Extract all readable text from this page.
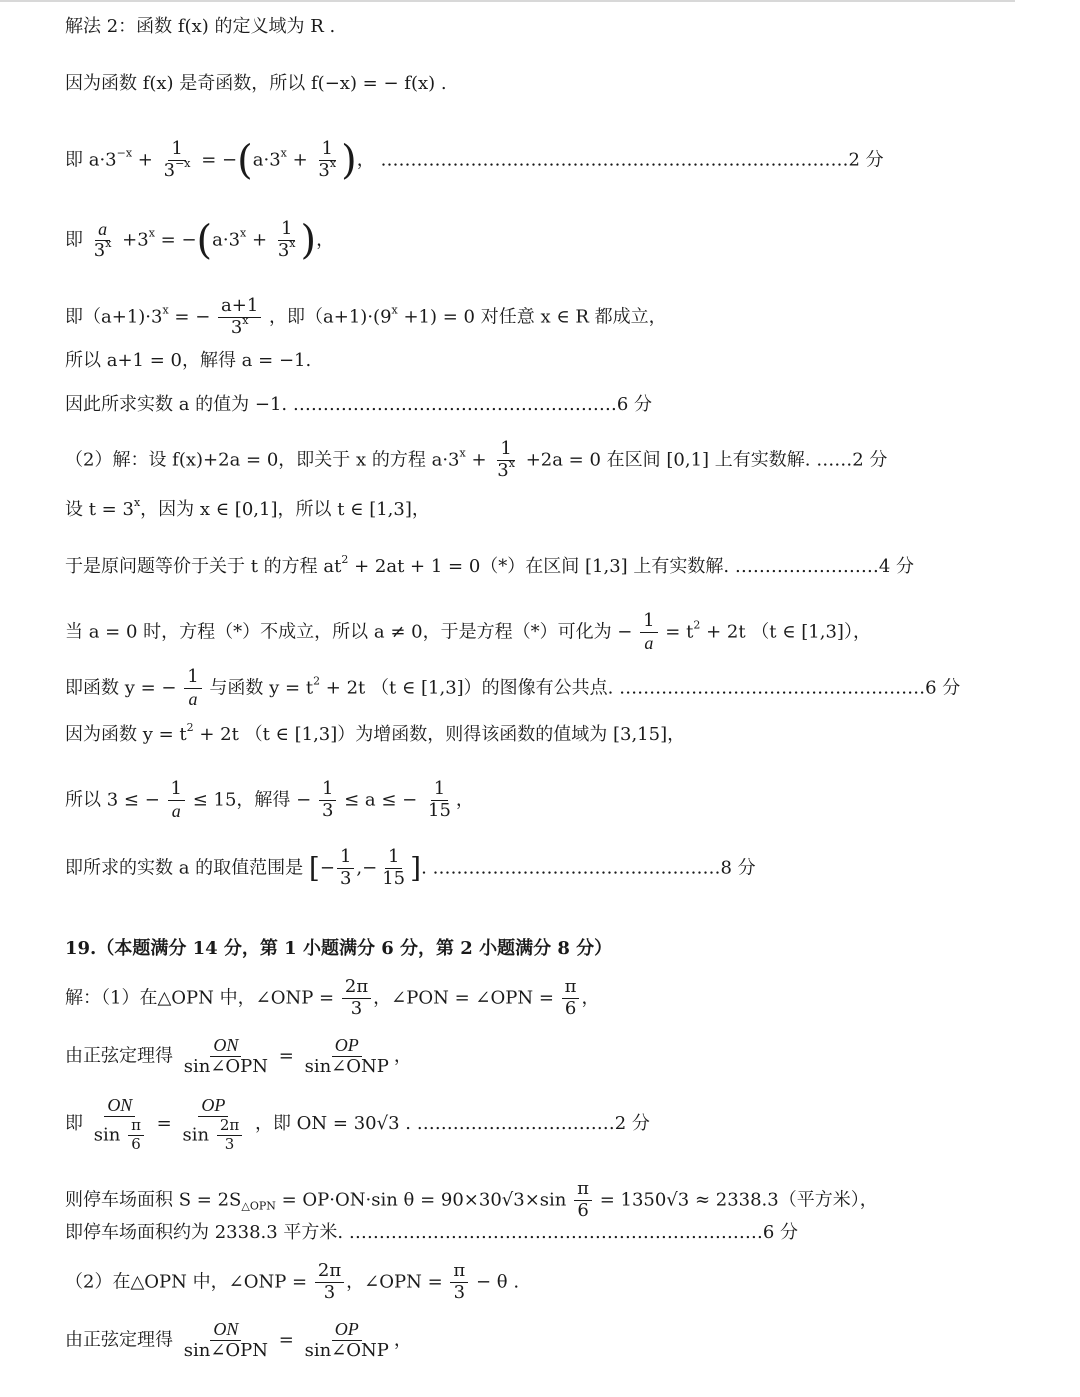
解法 2：函数 f(x) 的定义域为 R .
因为函数 f(x) 是奇函数，所以 f(−x) = − f(x) .
即 $a\cdot 3^{-x} + \frac{1}{3^{-x}} = -(a\cdot 3^x + \frac{1}{3^x}$ )， ……………………………………………………………………2 分
即 $\frac{a}{3^x} +3^x = -(a\cdot 3^x + \frac{1}{3^x}$ )，
即$(a+1)\cdot 3^x$ = − $\frac{a+1}{3^x}$ ，即$(a+1)\cdot(9^x +1) = 0$ 对任意 x ∈ R 都成立，
所以 a+1 = 0，解得 a = −1.
因此所求实数 a 的值为 −1. ………………………………………………6 分
（2）解：设 f(x)+2a = 0，即关于 x 的方程 $a\cdot 3^x + \frac{1}{3^x} +2a = 0$ 在区间 [0,1] 上有实数解. ……2 分
设 $t = 3^x$，因为 x ∈ [0,1]，所以 t ∈ [1,3]，
于是原问题等价于关于 t 的方程 $at^2 + 2at + 1 = 0(*)$在区间 [1,3] 上有实数解. ……………………4 分
当 a = 0 时，方程（*）不成立，所以 a ≠ 0，于是方程（*）可化为 − $\frac{1}{a} = t^2 + 2t$ （t ∈ [1,3]），
即函数 y = − $\frac{1}{a}$ 与函数 $y = t^2 + 2t$ （t ∈ [1,3]）的图像有公共点. ……………………………………………6 分
因为函数 $y = t^2 + 2t$ （t ∈ [1,3]）为增函数，则得该函数的值域为 [3,15]，
所以 3 ≤ − $\frac{1}{a} \le 15$，解得 − $\frac{1}{3} \le a$ ≤ − $\frac{1}{15}$ ，
即所求的实数 a 的取值范围是 [− $\frac{1}{3}$ ,− $\frac{1}{15}$ ]. …………………………………………8 分
19.（本题满分 14 分，第 1 小题满分 6 分，第 2 小题满分 8 分）
解：（1）在△OPN 中，∠ONP = $\frac{2\pi}{3}$ ，∠PON = ∠OPN = $\frac{\pi}{6}$ ，
由正弦定理得 $\frac{ON}{\text{sin∠OPN}} = \frac{OP}{\text{sin∠ONP}}$ ，
即 $\frac{ON}{\sin \frac{\pi}{6}} = \frac{OP}{\sin \frac{2\pi}{3}}$ ，即 ON = 30√3 . ……………………………2 分
则停车场面积 $S = 2S_{\triangle OPN} = OP\cdot ON\cdot\sin$ $\theta = 90\times 30√3\times\sin \frac{\pi}{6} = 1350√3 \approx 2338.3$（平方米），
即停车场面积约为 2338.3 平方米. ……………………………………………………………6 分
（2）在△OPN 中，∠ONP = $\frac{2\pi}{3}$ ，∠OPN = $\frac{\pi}{3} - \theta$ .
由正弦定理得 $\frac{ON}{\text{sin∠OPN}} = \frac{OP}{\text{sin∠ONP}}$ ，
